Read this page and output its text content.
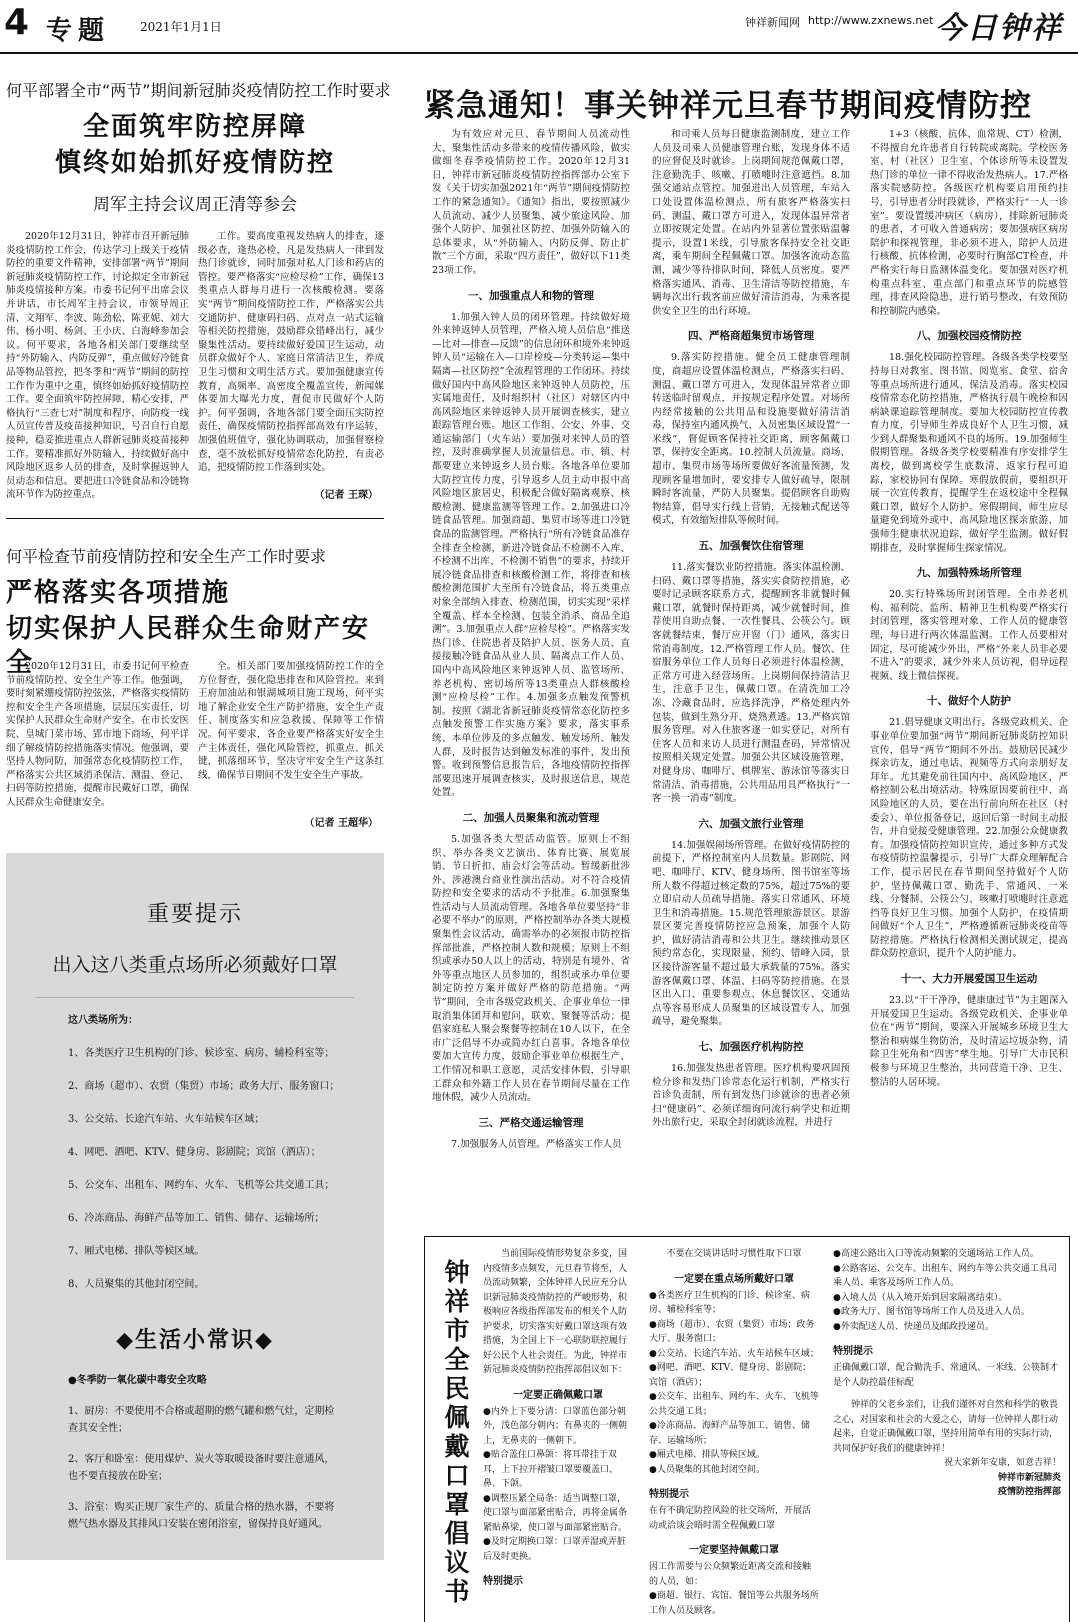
4 专题 2021年1月1日	钟祥新闻网 http://www.zxnews.net 今日钟祥
何平部署全市“两节”期间新冠肺炎疫情防控工作时要求
全面筑牢防控屏障
慎终如始抓好疫情防控
周军主持会议周正清等参会
2020年12月31日，钟祥市召开新冠肺炎疫情防控工作会，传达学习上级关于疫情防控的重要文件精神，安排部署“两节”期间新冠肺炎疫情防控工作，讨论拟定全市新冠肺炎疫情接种方案。市委书记何平出席会议并讲话，市长周军主持会议，市领导周正清、文翔军、李波、陈劲松、陈亚妮、刘大伟、杨小明、杨剑、王小庆、白海峰参加会议。何平要求，各地各相关部门要继续坚持“外防输入、内防反弹”，重点做好冷链食品等物品管控，把冬季和“两节”期间的防控工作作为重中之重，慎终如始抓好疫情防控工作。要全面筑牢防控屏障，精心安排，严格执行“三查七对”制度和程序，向防疫一线人员宣传普及疫苗接种知识，号召自行自愿接种，稳妥推进重点人群新冠肺炎疫苗接种工作。要精准抓好外防输入，持续做好高中风险地区返乡人员的排查，及时掌握返钟人员动态和信息。要把进口冷链食品和冷链物流环节作为防控重点。
工作。要高度重视发热病人的排查，逐级必查，逢热必检，凡是发热病人一律到发热门诊就诊，同时加强对私人门诊和药店的管控。要严格落实“应检尽检”工作，确保13类重点人群每月进行一次核酸检测。要落实“两节”期间疫情防控工作，严格落实公共交通防护、健康码扫码、点对点一站式运输等相关防控措施，鼓励群众错峰出行，减少聚集性活动。要持续做好爱国卫生运动，动员群众做好个人、家庭日常清洁卫生，养成卫生习惯和文明生活方式。要加强健康宣传教育，高频率、高密度全覆盖宣传，新闻媒体要加大曝光力度，督促市民做好个人防护。何平强调，各地各部门要全面压实防控责任，确保疫情防控指挥部高效有序运转，加强值班值守，强化协调联动，加强督察检查，毫不放松抓好疫情常态化防控，有责必追，把疫情防控工作落到实处。
（记者 王琛）
何平检查节前疫情防控和安全生产工作时要求
严格落实各项措施
切实保护人民群众生命财产安全
2020年12月31日，市委书记何平检查节前疫情防控、安全生产等工作。他强调，要时刻紧绷疫情防控弦弦，严格落实疫情防控和安全生产各项措施，层层压实责任，切实保护人民群众生命财产安全。在市长安医院、皇城门菜市场、郢市地下商场，何平详细了解疫情防控措施落实情况。他强调，要坚持人物同防，加强常态化疫情防控工作，严格落实公共区域消杀保洁、测温、登记、扫码等防控措施，提醒市民戴好口罩，确保人民群众生命健康安全。
全。相关部门要加强疫情防控工作的全方位督查，强化隐患排查和风险管控。来到王府加油站和银湖城项目施工现场，何平实地了解企业安全生产防护措施，安全生产责任、制度落实和应急救援、保障等工作情况。何平要求，各企业要严格落实好安全生产主体责任，强化风险管控，抓重点、抓关键，抓落细环节，坚决守牢安全生产这条红线，确保节日期间不发生安全生产事故。
（记者 王超华）
重要提示
出入这八类重点场所必须戴好口罩
这八类场所为：
1、各类医疗卫生机构的门诊、候诊室、病房、辅检科室等；
2、商场（超市）、农贸（集贸）市场；政务大厅、服务窗口；
3、公交站、长途汽车站、火车站候车区域；
4、网吧、酒吧、KTV、健身房、影剧院；宾馆（酒店）；
5、公交车、出租车、网约车、火车、飞机等公共交通工具；
6、冷冻商品、海鲜产品等加工、销售、储存、运输场所；
7、厢式电梯、排队等候区域。
8、人员聚集的其他封闭空间。
◆生活小常识◆
●冬季防一氧化碳中毒安全攻略
1、厨房：不要使用不合格或超期的燃气罐和燃气灶，定期检查其安全性；
2、客厅和卧室：使用煤炉、炭火等取暖设备时要注意通风，也不要直接放在卧室；
3、浴室：购买正规厂家生产的、质量合格的热水器，不要将燃气热水器及其排风口安装在密闭浴室，留保持良好通风。
紧急通知！事关钟祥元旦春节期间疫情防控
为有效应对元旦、春节期间人员流动性大、聚集性活动多带来的疫情传播风险，做实做细冬春季疫情防控工作。2020年12月31日，钟祥市新冠肺炎疫情防控指挥部办公室下发《关于切实加强2021年“两节”期间疫情防控工作的紧急通知》。《通知》指出，要按照减少人员流动、减少人员聚集、减少旅途风险、加强个人防护、加强社区防控、加强外防输入的总体要求，从“外防输入、内防反弹、防止扩散”三个方面，采取“四方责任”，做好以下11类23项工作。
一、加强重点人和物的管理
1.加强入钟人员的闭环管理。持续做好境外来钟返钟人员管理，严格入境人员信息“推送—比对—排查—反馈”的信息闭环和境外来钟返钟人员“运输在入—口岸检疫—分类转运—集中隔离—社区防控”全流程管理的工作闭环。持续做好国内中高风险地区来钟返钟人员防控，压实属地责任，及时组织村（社区）对辖区内中高风险地区来钟返钟人员开展调查核实，建立跟踪管理台账。地区工作组、公安、外事、交通运输部门（火车站）要加强对来钟人员的管控，及时准确掌握人员流量信息。市、镇、村都要建立来钟返乡人员台账。各地各单位要加大防控宣传力度，引导返乡人员主动申报中高风险地区旅居史，积极配合做好隔离观察、核酸检测、健康监测等管理工作。2.加强进口冷链食品管理。加强商超、集贸市场等进口冷链食品的监测管理。严格执行“所有冷链食品准存全排查全检测，新进冷链食品不检测不入库、不检测不出库、不检测不销售”的要求，持续开展冷链食品排查和核酸检测工作，将排查和核酸检测范围扩大至所有冷链食品，将五类重点对象全部纳入排查、检测范围，切实实现“采样全覆盖、样本全检测、包装全消杀、商品全追溯”。3.加强重点人群“应检尽检”。严格落实发热门诊、住院患者及陪护人员、医务人员、直接接触冷链食品从业人员、隔离点工作人员、国内中高风险地区来钟返钟人员、监管场所、养老机构、密切场所等13类重点人群核酸检测“应检尽检”工作。4.加强多点触发预警机制。按照《湖北省新冠肺炎疫情常态化防控多点触发预警工作实施方案》要求，落实事系统、本单位涉及的多点触发、触发场所、触发人群，及时报告达到触发标准的事件，发出预警。收到预警信息报告后，各地疫情防控指挥部要迅速开展调查核实，及时报送信息，规范处置。
二、加强人员聚集和流动管理
5.加强各类大型活动监管。原则上不组织、举办各类文艺演出、体育比赛、展览展销、节日折扣、庙会灯会等活动。暂缓新批涉外、涉港澳台商业性演出活动。对不符合疫情防控和安全要求的活动不予批准。6.加强聚集性活动与人员流动管理。各地各单位要坚持“非必要不举办”的原则，严格控制举办各类大规模聚集性会议活动，确需举办的必须报市防控指挥部批准，严格控制人数和规模；原则上不组织或承办50人以上的活动，特别是有境外、省外等重点地区人员参加的，组织或承办单位要制定防控方案并做好严格的防范措施。“两节”期间，全市各级党政机关、企事业单位一律取消集体团拜和慰问，联欢、聚餐等活动；提倡家庭私人聚会聚餐等控制在10人以下，在全市广泛倡导不办或简办红白喜事。各地各单位要加大宣传力度，鼓励企事业单位根据生产、工作情况和职工意愿，灵活安排休假，引导职工群众和外籍工作人员在春节期间尽量在工作地休假，减少人员流动。
三、严格交通运输管理
7.加强服务人员管理。严格落实工作人员
和司乘人员每日健康监测制度，建立工作人员及司乘人员健康管理台账，发现身体不适的应督促及时就诊。上岗期间规范佩戴口罩，注意勤洗手、咳嗽、打喷嚏时注意遮挡。8.加强交通站点管控。加强进出人员管理，车站入口处设置体温检测点，所有旅客严格落实扫码、测温、戴口罩方可进入，发现体温异常者立即按规定处置。在站内外显著位置张贴温馨提示，设置1米线，引导旅客保持安全社交距离，乘车期间全程佩戴口罩。加强客流动态监测，减少等待排队时间，降低人员密度。要严格落实通风、消毒、卫生清洁等防控措施，车辆每次出行载客前应做好清洁消毒，为乘客提供安全卫生的出行环境。
四、严格商超集贸市场管理
9.落实防控措施。健全员工健康管理制度，商超应设置体温检测点，严格落实扫码、测温、戴口罩方可进入，发现体温异常者立即转送临时留观点，并按规定程序处置。对场所内经常接触的公共用品和设施要做好清洁消毒，保持室内通风换气，入员密集区域设置“一米线”，督促顾客保持社交距离，顾客佩戴口罩，保持安全距离。10.控制人员流量。商场、超市、集贸市场等场所要做好客流量预测，发现顾客量增加时，要安排专人做好疏导，限制瞬时客流量，严防人员聚集。提倡顾客自助购物结算，倡导实行线上营销，无接触式配送等模式，有效缩短排队等候时间。
五、加强餐饮住宿管理
11.落实餐饮业防控措施。落实体温检测、扫码、戴口罩等措施，落实实食防控措施，必要时记录顾客联系方式，提醒顾客非就餐时佩戴口罩，就餐时保持距离，减少就餐时间，推荐使用自助点餐、一次性餐具、公筷公勺。顾客就餐结束，餐厅应开窗（门）通风，落实日常消毒制度。12.严格管理工作人员。餐饮、住宿服务单位工作人员每日必须进行体温检测，正常方可进入经营场所。上岗期间保持清洁卫生，注意手卫生，佩戴口罩。在清洗加工冷冻、冷藏食品时，应选择洗净，严格处理内外包装，做到生熟分开、烧熟煮透。13.严格宾馆服务管理。对入住旅客逐一如实登记，对所有住客人员和来访人员进行测温查码，异常情况按照相关规定处置。加强公共区域设施管理，对健身房、咖啡厅、棋牌室、游泳馆等落实日常清洁、消毒措施，公共用品用具严格执行“一客一换一消毒”制度。
六、加强文旅行业管理
14.加强娱闹场所管理。在做好疫情防控的前提下，严格控制室内人员数量。影剧院、网吧、咖啡厅、KTV、健身场所、图书馆室等场所人数不得超过核定数的75%，超过75%的要立即启动人员疏导措施。落实日常通风、环境卫生和消毒措施。15.规范管理旅游景区。景游景区要完善疫情防控应急预案，加强个人防护，做好清洁消毒和公共卫生。继续推动景区预约常态化，实现限量、预约、错峰入园，景区接待游客量不超过最大承载量的75%。落实游客佩戴口罩、体温、扫码等防控措施。在景区出入口、重要参观点、休息餐饮区、交通站点等容易形成人员聚集的区域设置专人，加强疏导，避免聚集。
七、加强医疗机构防控
16.加强发热患者管理。医疗机构要巩固预检分诊和发热门诊常态化运行机制，严格实行首诊负责制，所有到发热门诊就诊的患者必须扫“健康码”、必须详细询问流行病学史和近期外出旅行史，采取全封闭就诊流程，并进行
1+3（核酸、抗体、血常规、CT）检测，不得擅自允许患者自行转院或离院。学校医务室、村（社区）卫生室、个体诊所等未设置发热门诊的单位一律不得收治发热病人。17.严格落实院感防控。各级医疗机构要启用预约挂号，引导患者分时段就诊，严格实行“一人一诊室”。要设置缓冲病区（病房），排除新冠肺炎的患者，才可收入普通病房；要加强病区病房陪护和探视管理，非必须不进入，陪护人员进行核酸、抗体检测，必要时行胸部CT检查，并严格实行每日监测体温变化。要加强对医疗机构重点科室、重点部门和重点环节的院感管理，排查风险隐患，进行销号整改，有效预防和控制院内感染。
八、加强校园疫情防控
18.强化校园防控管理。各级各类学校要坚持每日对教室、图书馆、阅览室、食堂、宿舍等重点场所进行通风、保洁及消毒。落实校园疫情常态化防控措施，严格执行晨午晚检和因病缺课追踪管理制度。要加大校园防控宣传教育力度，引导师生养成良好个人卫生习惯，减少到人群聚集和通风不良的场所。19.加强师生假期管理。各级各类学校要精准有序安排学生离校，做到离校学生底数清，返家行程可追踪，家校协同有保障。寒假放假前，要组织开展一次宣传教育，提醒学生在返校途中全程佩戴口罩，做好个人防护。寒假期间，师生应尽量避免到境外或中、高风险地区探亲旅游，加强师生健康状况追踪，做好学生监测。做好假期排查，及时掌握师生探家情况。
九、加强特殊场所管理
20.实行特殊场所封闭管理。全市养老机构、福利院、监所、精神卫生机构要严格实行封闭管理，落实管理对象、工作人员的健康管理，每日进行两次体温监测。工作人员要相对固定，尽可能减少外出，严格“外来人员非必要不进入”的要求，减少外来人员访视，倡导远程视频、线上微信探视。
十、做好个人防护
21.倡导健康文明出行。各级党政机关、企事业单位要加强“两节”期间新冠肺炎防控知识宣传，倡导“两节”期间不外出。鼓励居民减少探亲访友，通过电话、视频等方式向亲朋好友拜年。尤其避免前往国内中、高风险地区，严格控制公私出境活动。特殊原因要前往中、高风险地区的人员，要在出行前向所在社区（村委会）、单位报备登记，返回后第一时间主动报告，并自觉接受健康管理。22.加强公众健康教育。加强疫情防控知识宣传，通过多种方式发布疫情防控温馨提示，引导广大群众理解配合工作，提示居民在春节期间坚持做好个人防护，坚持佩戴口罩、勤洗手、常通风、一米线、分餐制、公筷公勺、咳嗽打喷嚏时注意遮挡等良好卫生习惯。加强个人防护，在疫情期间做好“个人卫生”，严格遵循新冠肺炎疫苗等防控措施。严格执行检测相关测试规定，提高群众防控意识，提升个人防护能力。
十一、大力开展爱国卫生运动
23.以“干干净净，健康康过节”为主题深入开展爱国卫生运动。各级党政机关、企事业单位在“两节”期间，要深入开展城乡环境卫生大整治和病媒生物防治，及时清运垃圾杂物，清除卫生死角和“四害”孳生地。引导广大市民积极参与环境卫生整治，共同营造干净、卫生、整洁的人居环境。
钟祥市全民佩戴口罩倡议书

当前国际疫情形势复杂多变，国内疫情多点频发，元旦春节将至，人员流动频繁，全体钟祥人民应充分认识新冠肺炎疫情防控的严峻形势，积极响应各级指挥部发布的相关个人防护要求，切实落实好戴口罩这项有效措施，为全国上下一心联防联控履行好公民个人社会责任。为此，钟祥市新冠肺炎疫情防控指挥部倡议如下：

一定要正确佩戴口罩

●内外上下要分清：口罩蓝色部分朝外，浅色部分朝内；有鼻夹的一侧朝上，无鼻夹的一侧朝下。

●贴合盖住口鼻颌：将耳带挂于双耳，上下拉开褶皱口罩要覆盖口、鼻、下颌。

●调整压紧全局条：适当调整口罩，使口罩与面部紧密贴合，再将金属条紧贴鼻梁，使口罩与面部紧密贴合。

●及时定期换口罩：口罩弄湿或弄脏后及时更换。

特别提示

不要在交谈讲话时习惯性取下口罩

一定要在重点场所戴好口罩

●各类医疗卫生机构的门诊、候诊室、病房、辅检科室等；

●商场（超市）、农贸（集贸）市场；政务大厅、服务窗口；

●公交站、长途汽车站、火车站候车区域；

●网吧、酒吧、KTV、健身房、影剧院；宾馆（酒店）；

●公交车、出租车、网约车、火车、飞机等公共交通工具；

●冷冻商品、海鲜产品等加工、销售、储存、运输场所；

●厢式电梯、排队等候区域。

●人员聚集的其他封闭空间。

特别提示

在有不确定防控风险的社交场所，开展活动或洽谈会晤时需全程佩戴口罩

一定要坚持佩戴口罩

因工作需要与公众频繁近距离交流和接触的人员，如：

●商超、银行、宾馆、餐馆等公共服务场所工作人员及顾客。

●高速公路出入口等流动频繁的交通场站工作人员。

●公路客运、公交车、出租车、网约车等公共交通工具司乘人员、乘客及场所工作人员。

●入境人员（从入境开始到居家隔离结束）。

●政务大厅、图书馆等场所工作人员及进入人员。

●外卖配送人员、快递员及邮政投递员。

特别提示

正确佩戴口罩，配合勤洗手、常通风、一米线、公筷制才是个人防控最佳标配

钟祥的父老乡亲们，让我们谨怀对自然和科学的敬畏之心，对国家和社会的大爱之心，请每一位钟祥人都行动起来，自觉正确佩戴口罩，坚持用简单有用的实际行动，共同保护好我们的健康钟祥！

祝大家新年安康，如意吉祥！

钟祥市新冠肺炎

疫情防控指挥部
